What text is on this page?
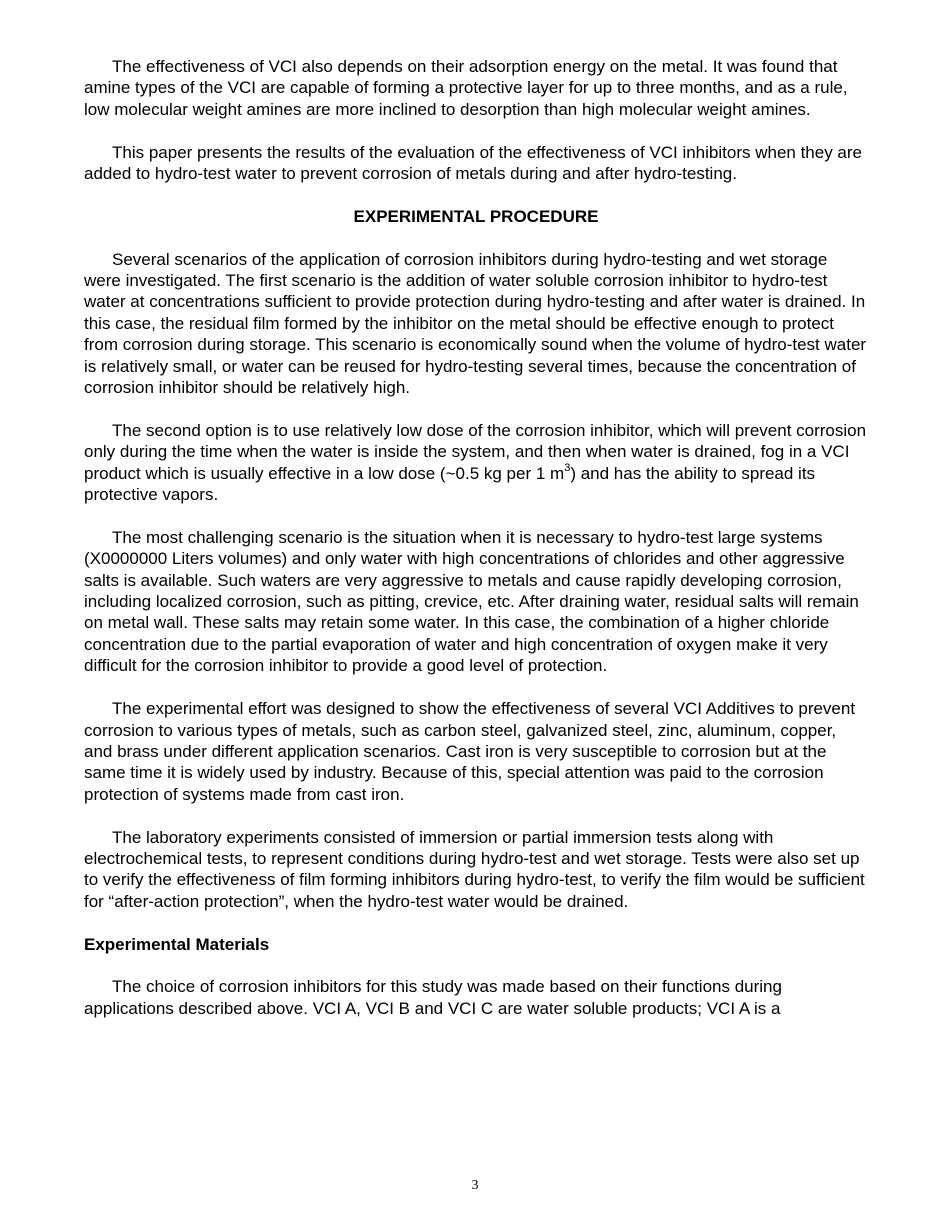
The effectiveness of VCI also depends on their adsorption energy on the metal. It was found that amine types of the VCI are capable of forming a protective layer for up to three months, and as a rule, low molecular weight amines are more inclined to desorption than high molecular weight amines.

This paper presents the results of the evaluation of the effectiveness of VCI inhibitors when they are added to hydro-test water to prevent corrosion of metals during and after hydro-testing.

EXPERIMENTAL PROCEDURE

Several scenarios of the application of corrosion inhibitors during hydro-testing and wet storage were investigated. The first scenario is the addition of water soluble corrosion inhibitor to hydro-test water at concentrations sufficient to provide protection during hydro-testing and after water is drained. In this case, the residual film formed by the inhibitor on the metal should be effective enough to protect from corrosion during storage. This scenario is economically sound when the volume of hydro-test water is relatively small, or water can be reused for hydro-testing several times, because the concentration of corrosion inhibitor should be relatively high.

The second option is to use relatively low dose of the corrosion inhibitor, which will prevent corrosion only during the time when the water is inside the system, and then when water is drained, fog in a VCI product which is usually effective in a low dose (~0.5 kg per 1 $m^3$) and has the ability to spread its protective vapors.

The most challenging scenario is the situation when it is necessary to hydro-test large systems (X0000000 Liters volumes) and only water with high concentrations of chlorides and other aggressive salts is available. Such waters are very aggressive to metals and cause rapidly developing corrosion, including localized corrosion, such as pitting, crevice, etc. After draining water, residual salts will remain on metal wall. These salts may retain some water. In this case, the combination of a higher chloride concentration due to the partial evaporation of water and high concentration of oxygen make it very difficult for the corrosion inhibitor to provide a good level of protection.

The experimental effort was designed to show the effectiveness of several VCI Additives to prevent corrosion to various types of metals, such as carbon steel, galvanized steel, zinc, aluminum, copper, and brass under different application scenarios. Cast iron is very susceptible to corrosion but at the same time it is widely used by industry. Because of this, special attention was paid to the corrosion protection of systems made from cast iron.

The laboratory experiments consisted of immersion or partial immersion tests along with electrochemical tests, to represent conditions during hydro-test and wet storage. Tests were also set up to verify the effectiveness of film forming inhibitors during hydro-test, to verify the film would be sufficient for “after-action protection”, when the hydro-test water would be drained.

Experimental Materials

The choice of corrosion inhibitors for this study was made based on their functions during applications described above. VCI A, VCI B and VCI C are water soluble products; VCI A is a

3
